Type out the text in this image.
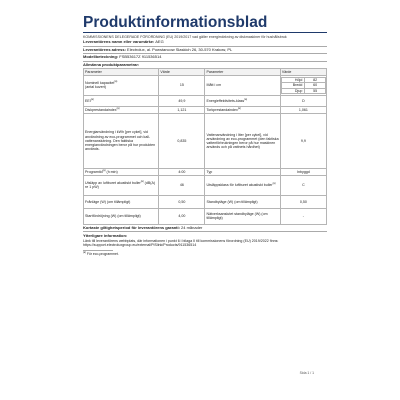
Produktinformationsblad
KOMMISSIONENS DELEGERADE FÖRORDNING (EU) 2019/2017 vad gäller energimärkning av diskmaskiner för hushållsbruk
Leverantörens namn eller varumärke: AEG
Leverantörens adress: Electrolux, al. Powstancow Slaskich 26, 30-570 Krakow, PL
Modellbeteckning: FSB53617Z 911536514
Allmänna produktparametrar:
Parameter	Värde	Parameter	Värde
Nominell kapacitet$^{(a)}$
(antal kuvert)	15	Mått i cm	
Höjd	82
Bredd	60
Djup	55

EEI$^{(a)}$	49,9	Energieffektivitets-klass$^{(a)}$	D
Diskprestandaindex$^{(a)}$	1,121	Torkprestandaindex$^{(a)}$	1,061
Energianvändning i kWh [per cykel], vid användning av eco-programmet och kall-vattenanslutning. Den faktiska energianvändningen beror på hur produkten används.	0,835	Vattenanvändning i liter [per cykel], vid användning av eco-programmet (den faktiska vattenförbrukningen beror på hur maskinen används och på vattnets hårdhet)	9,9
Programtid$^{(a)}$ (h:min)	4:00	Typ	Inbyggd
Utsläpp av luftburet akustiskt buller$^{(a)}$ (dB(A) re 1 pW)	46	Utsläppsklass för luftburet akustiskt buller$^{(a)}$	C
Frånläge (W) (om tillämpligt)	0,50	Standbyläge (W) (om tillämpligt)	0,50
Startfördröjning (W) (om tillämpligt)	4,00	Nätverksanslutet standbyläge (W) (om tillämpligt)	-
Kortaste giltighetsperiod för leverantörens garanti: 24 månader
Ytterligare information:
Länk till leverantörens webbplats, där informationen i punkt 6 i bilaga II till kommissionens förordning (EU) 2019/2022 finns: https://support.electroluxgroup.eu/external/PISlink/Products/911536514
$^{(a)}$ För eco-programmet.
Sida 1 / 1
